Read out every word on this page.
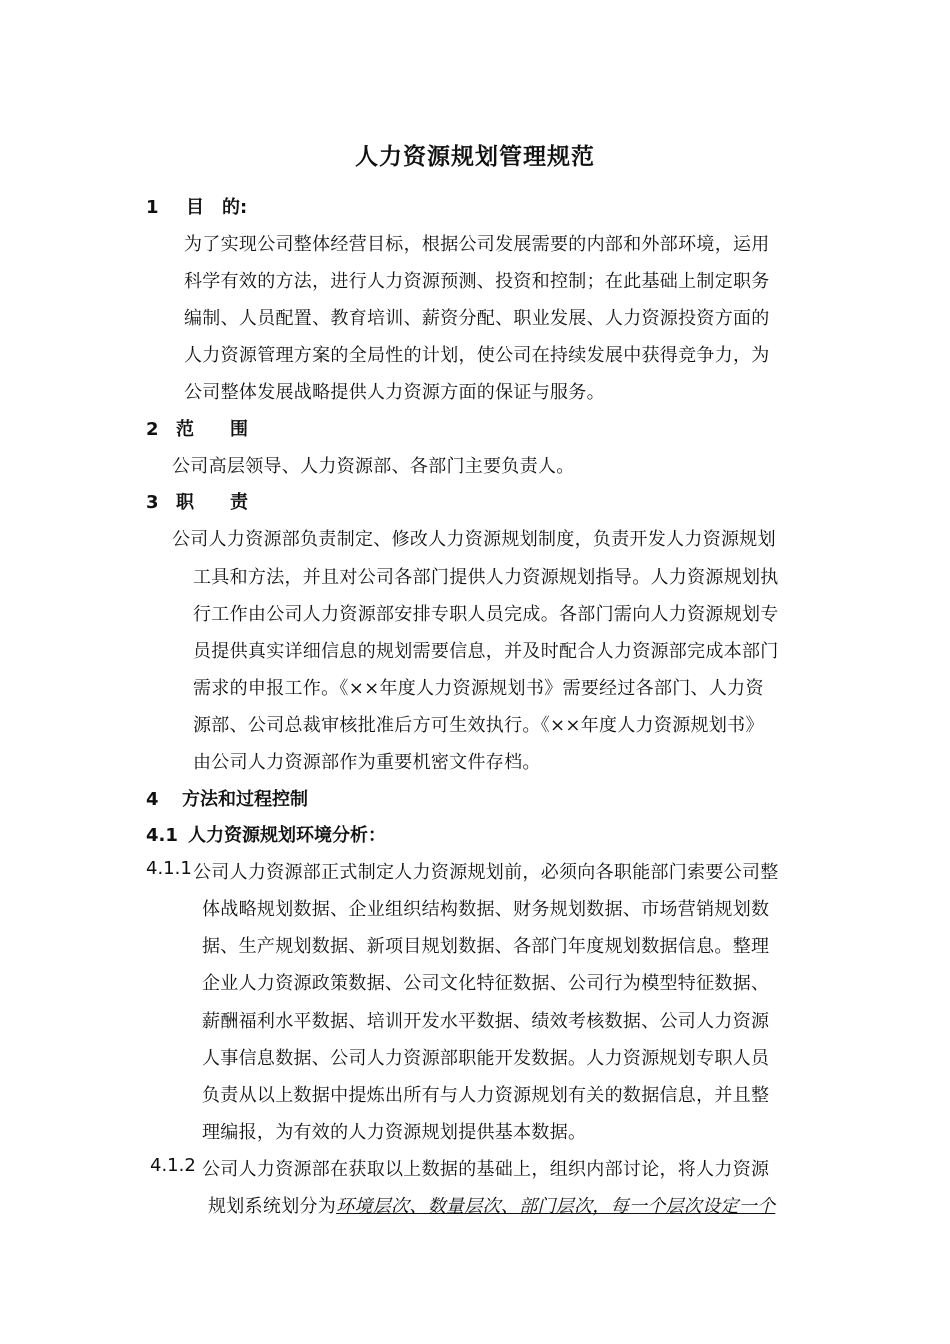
人力资源规划管理规范
1 目　的:
为了实现公司整体经营目标，根据公司发展需要的内部和外部环境，运用
科学有效的方法，进行人力资源预测、投资和控制；在此基础上制定职务
编制、人员配置、教育培训、薪资分配、职业发展、人力资源投资方面的
人力资源管理方案的全局性的计划，使公司在持续发展中获得竞争力，为
公司整体发展战略提供人力资源方面的保证与服务。
2 范　　围
公司高层领导、人力资源部、各部门主要负责人。
3 职　　责
公司人力资源部负责制定、修改人力资源规划制度，负责开发人力资源规划
工具和方法，并且对公司各部门提供人力资源规划指导。人力资源规划执
行工作由公司人力资源部安排专职人员完成。各部门需向人力资源规划专
员提供真实详细信息的规划需要信息，并及时配合人力资源部完成本部门
需求的申报工作。《××年度人力资源规划书》需要经过各部门、人力资
源部、公司总裁审核批准后方可生效执行。《××年度人力资源规划书》
由公司人力资源部作为重要机密文件存档。
4 方法和过程控制
4.1 人力资源规划环境分析：
4.1.1 公司人力资源部正式制定人力资源规划前，必须向各职能部门索要公司整
体战略规划数据、企业组织结构数据、财务规划数据、市场营销规划数
据、生产规划数据、新项目规划数据、各部门年度规划数据信息。整理
企业人力资源政策数据、公司文化特征数据、公司行为模型特征数据、
薪酬福利水平数据、培训开发水平数据、绩效考核数据、公司人力资源
人事信息数据、公司人力资源部职能开发数据。人力资源规划专职人员
负责从以上数据中提炼出所有与人力资源规划有关的数据信息，并且整
理编报，为有效的人力资源规划提供基本数据。
4.1.2 公司人力资源部在获取以上数据的基础上，组织内部讨论，将人力资源
规划系统划分为环境层次、数量层次、部门层次，每一个层次设定一个
